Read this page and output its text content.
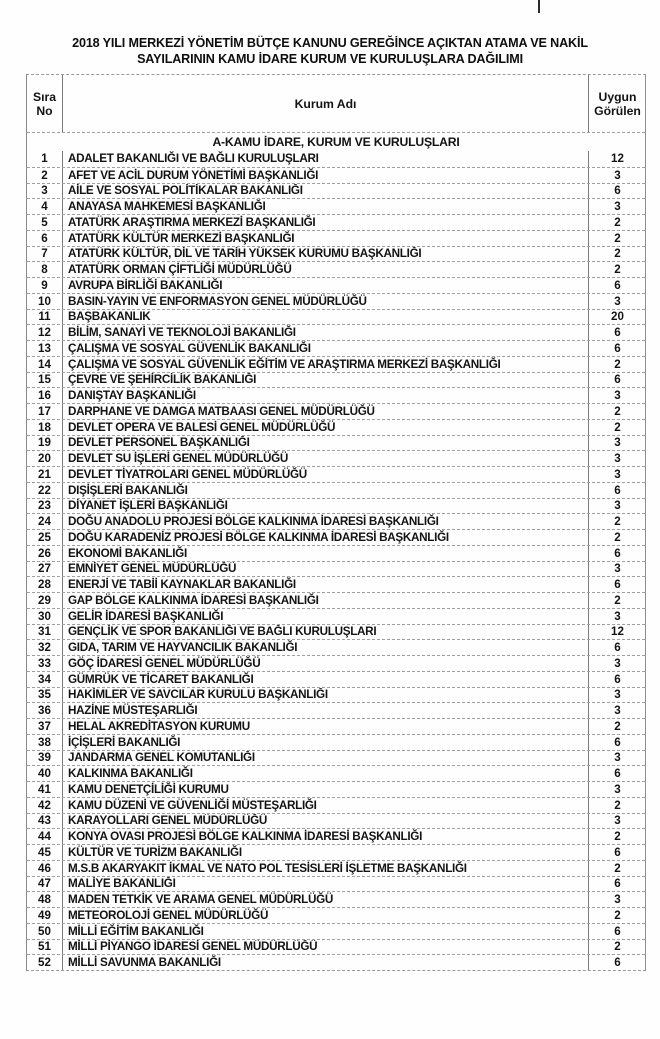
2018 YILI MERKEZİ YÖNETİM BÜTÇE KANUNU GEREĞİNCE AÇIKTAN ATAMA VE NAKİL
SAYILARININ KAMU İDARE KURUM VE KURULUŞLARA DAĞILIMI
Sıra No	Kurum Adı	Uygun Görülen
A-KAMU İDARE, KURUM VE KURULUŞLARI
1	ADALET BAKANLIĞI VE BAĞLI KURULUŞLARI	12
2	AFET VE ACİL DURUM YÖNETİMİ BAŞKANLIĞI	3
3	AİLE VE SOSYAL POLİTİKALAR BAKANLIĞI	6
4	ANAYASA MAHKEMESİ BAŞKANLIĞI	3
5	ATATÜRK ARAŞTIRMA MERKEZİ BAŞKANLIĞI	2
6	ATATÜRK KÜLTÜR MERKEZİ BAŞKANLIĞI	2
7	ATATÜRK KÜLTÜR, DİL VE TARİH YÜKSEK KURUMU BAŞKANLIĞI	2
8	ATATÜRK ORMAN ÇİFTLİĞİ MÜDÜRLÜĞÜ	2
9	AVRUPA BİRLİĞİ BAKANLIĞI	6
10	BASIN-YAYIN VE ENFORMASYON GENEL MÜDÜRLÜĞÜ	3
11	BAŞBAKANLIK	20
12	BİLİM, SANAYİ VE TEKNOLOJİ BAKANLIĞI	6
13	ÇALIŞMA VE SOSYAL GÜVENLİK BAKANLIĞI	6
14	ÇALIŞMA VE SOSYAL GÜVENLİK EĞİTİM VE ARAŞTIRMA MERKEZİ BAŞKANLIĞI	2
15	ÇEVRE VE ŞEHİRCİLİK BAKANLIĞI	6
16	DANIŞTAY BAŞKANLIĞI	3
17	DARPHANE VE DAMGA MATBAASI GENEL MÜDÜRLÜĞÜ	2
18	DEVLET OPERA VE BALESİ GENEL MÜDÜRLÜĞÜ	2
19	DEVLET PERSONEL BAŞKANLIĞI	3
20	DEVLET SU İŞLERİ GENEL MÜDÜRLÜĞÜ	3
21	DEVLET TİYATROLARI GENEL MÜDÜRLÜĞÜ	3
22	DIŞİŞLERİ BAKANLIĞI	6
23	DİYANET İŞLERİ BAŞKANLIĞI	3
24	DOĞU ANADOLU PROJESİ BÖLGE KALKINMA İDARESİ BAŞKANLIĞI	2
25	DOĞU KARADENİZ PROJESİ BÖLGE KALKINMA İDARESİ BAŞKANLIĞI	2
26	EKONOMİ BAKANLIĞI	6
27	EMNİYET GENEL MÜDÜRLÜĞÜ	3
28	ENERJİ VE TABİİ KAYNAKLAR BAKANLIĞI	6
29	GAP BÖLGE KALKINMA İDARESİ BAŞKANLIĞI	2
30	GELİR İDARESİ BAŞKANLIĞI	3
31	GENÇLİK VE SPOR BAKANLIĞI VE BAĞLI KURULUŞLARI	12
32	GIDA, TARIM VE HAYVANCILIK BAKANLIĞI	6
33	GÖÇ İDARESİ GENEL MÜDÜRLÜĞÜ	3
34	GÜMRÜK VE TİCARET BAKANLIĞI	6
35	HAKİMLER VE SAVCILAR KURULU BAŞKANLIĞI	3
36	HAZİNE MÜSTEŞARLIĞI	3
37	HELAL AKREDİTASYON KURUMU	2
38	İÇİŞLERİ BAKANLIĞI	6
39	JANDARMA GENEL KOMUTANLIĞI	3
40	KALKINMA BAKANLIĞI	6
41	KAMU DENETÇİLİĞİ KURUMU	3
42	KAMU DÜZENİ VE GÜVENLİĞİ MÜSTEŞARLIĞI	2
43	KARAYOLLARI GENEL MÜDÜRLÜĞÜ	3
44	KONYA OVASI PROJESİ BÖLGE KALKINMA İDARESİ BAŞKANLIĞI	2
45	KÜLTÜR VE TURİZM BAKANLIĞI	6
46	M.S.B AKARYAKIT İKMAL VE NATO POL TESİSLERİ İŞLETME BAŞKANLIĞI	2
47	MALİYE BAKANLIĞI	6
48	MADEN TETKİK VE ARAMA GENEL MÜDÜRLÜĞÜ	3
49	METEOROLOJİ GENEL MÜDÜRLÜĞÜ	2
50	MİLLİ EĞİTİM BAKANLIĞI	6
51	MİLLİ PİYANGO İDARESİ GENEL MÜDÜRLÜĞÜ	2
52	MİLLİ SAVUNMA BAKANLIĞI	6
